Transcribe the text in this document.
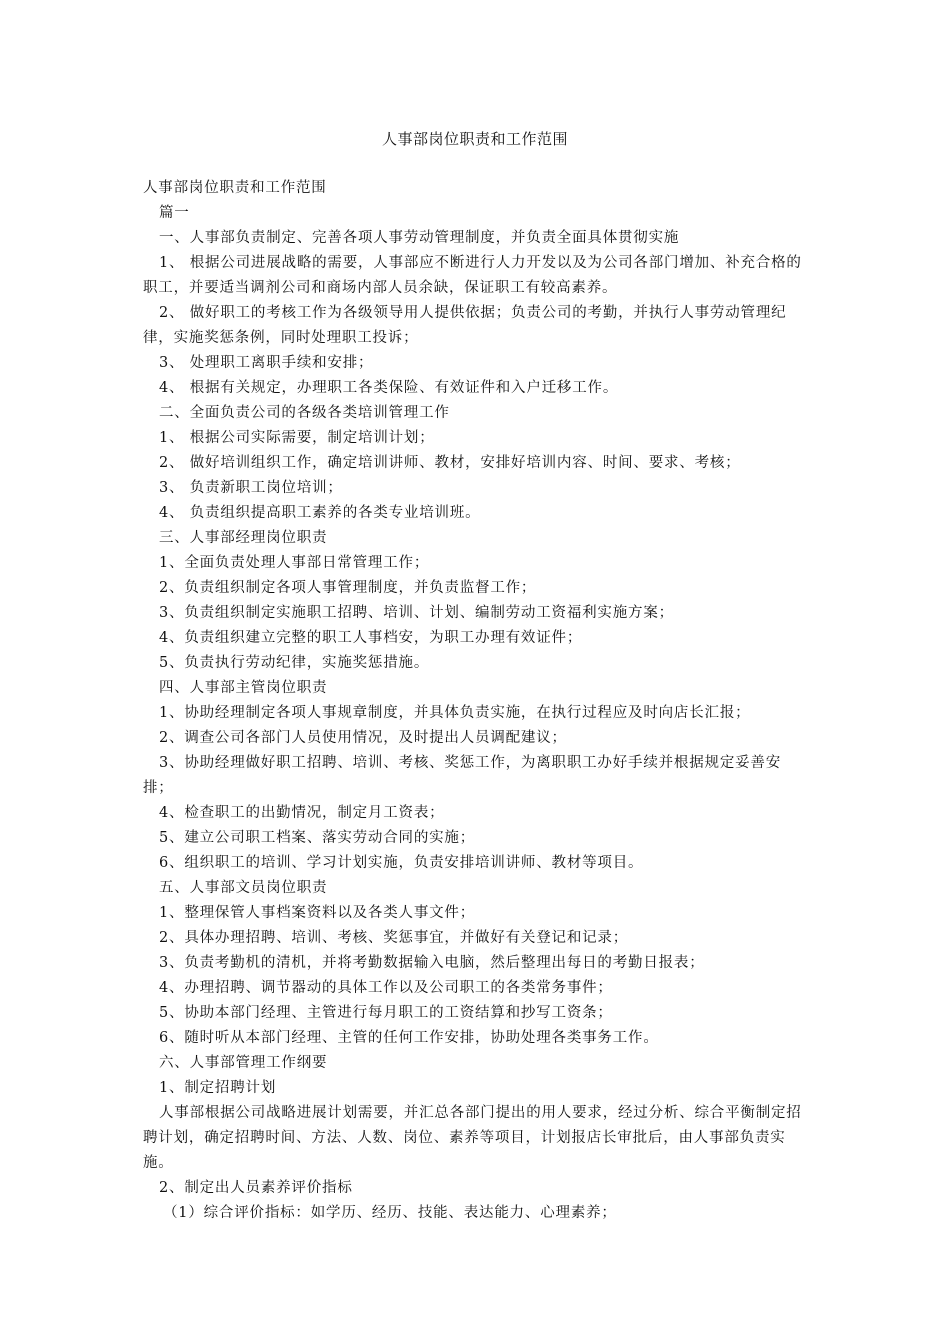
人事部岗位职责和工作范围

人事部岗位职责和工作范围

篇一

一、人事部负责制定、完善各项人事劳动管理制度，并负责全面具体贯彻实施

1、 根据公司进展战略的需要，人事部应不断进行人力开发以及为公司各部门增加、补充合格的职工，并要适当调剂公司和商场内部人员余缺，保证职工有较高素养。

2、 做好职工的考核工作为各级领导用人提供依据；负责公司的考勤，并执行人事劳动管理纪律，实施奖惩条例，同时处理职工投诉；

3、 处理职工离职手续和安排；

4、 根据有关规定，办理职工各类保险、有效证件和入户迁移工作。

二、全面负责公司的各级各类培训管理工作

1、 根据公司实际需要，制定培训计划；

2、 做好培训组织工作，确定培训讲师、教材，安排好培训内容、时间、要求、考核；

3、 负责新职工岗位培训；

4、 负责组织提高职工素养的各类专业培训班。

三、人事部经理岗位职责

1、全面负责处理人事部日常管理工作；

2、负责组织制定各项人事管理制度，并负责监督工作；

3、负责组织制定实施职工招聘、培训、计划、编制劳动工资福利实施方案；

4、负责组织建立完整的职工人事档安，为职工办理有效证件；

5、负责执行劳动纪律，实施奖惩措施。

四、人事部主管岗位职责

1、协助经理制定各项人事规章制度，并具体负责实施，在执行过程应及时向店长汇报；

2、调查公司各部门人员使用情况，及时提出人员调配建议；

3、协助经理做好职工招聘、培训、考核、奖惩工作，为离职职工办好手续并根据规定妥善安排；

4、检查职工的出勤情况，制定月工资表；

5、建立公司职工档案、落实劳动合同的实施；

6、组织职工的培训、学习计划实施，负责安排培训讲师、教材等项目。

五、人事部文员岗位职责

1、整理保管人事档案资料以及各类人事文件；

2、具体办理招聘、培训、考核、奖惩事宜，并做好有关登记和记录；

3、负责考勤机的清机，并将考勤数据输入电脑，然后整理出每日的考勤日报表；

4、办理招聘、调节器动的具体工作以及公司职工的各类常务事件；

5、协助本部门经理、主管进行每月职工的工资结算和抄写工资条；

6、随时听从本部门经理、主管的任何工作安排，协助处理各类事务工作。

六、人事部管理工作纲要

1、制定招聘计划

人事部根据公司战略进展计划需要，并汇总各部门提出的用人要求，经过分析、综合平衡制定招聘计划，确定招聘时间、方法、人数、岗位、素养等项目，计划报店长审批后，由人事部负责实施。

2、制定出人员素养评价指标

（1）综合评价指标：如学历、经历、技能、表达能力、心理素养；
